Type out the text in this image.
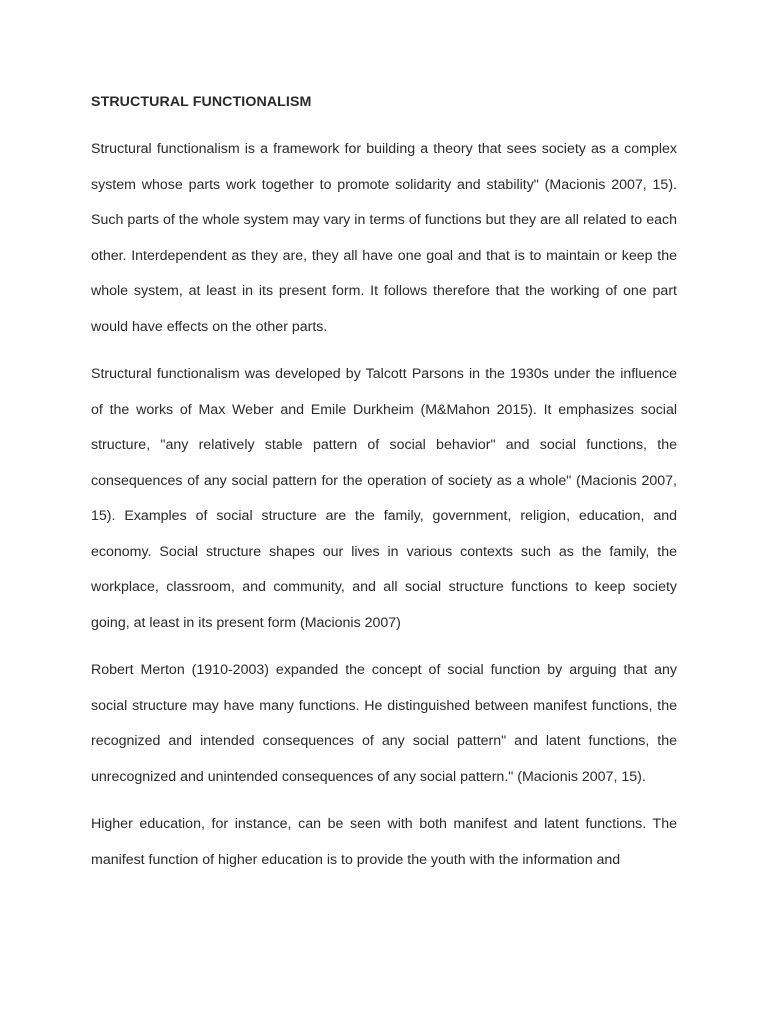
STRUCTURAL FUNCTIONALISM

Structural functionalism is a framework for building a theory that sees society as a complex system whose parts work together to promote solidarity and stability" (Macionis 2007, 15). Such parts of the whole system may vary in terms of functions but they are all related to each other. Interdependent as they are, they all have one goal and that is to maintain or keep the whole system, at least in its present form. It follows therefore that the working of one part would have effects on the other parts.

Structural functionalism was developed by Talcott Parsons in the 1930s under the influence of the works of Max Weber and Emile Durkheim (M&Mahon 2015). It emphasizes social structure, "any relatively stable pattern of social behavior" and social functions, the consequences of any social pattern for the operation of society as a whole" (Macionis 2007, 15). Examples of social structure are the family, government, religion, education, and economy. Social structure shapes our lives in various contexts such as the family, the workplace, classroom, and community, and all social structure functions to keep society going, at least in its present form (Macionis 2007)

Robert Merton (1910-2003) expanded the concept of social function by arguing that any social structure may have many functions. He distinguished between manifest functions, the recognized and intended consequences of any social pattern" and latent functions, the unrecognized and unintended consequences of any social pattern." (Macionis 2007, 15).

Higher education, for instance, can be seen with both manifest and latent functions. The manifest function of higher education is to provide the youth with the information and
